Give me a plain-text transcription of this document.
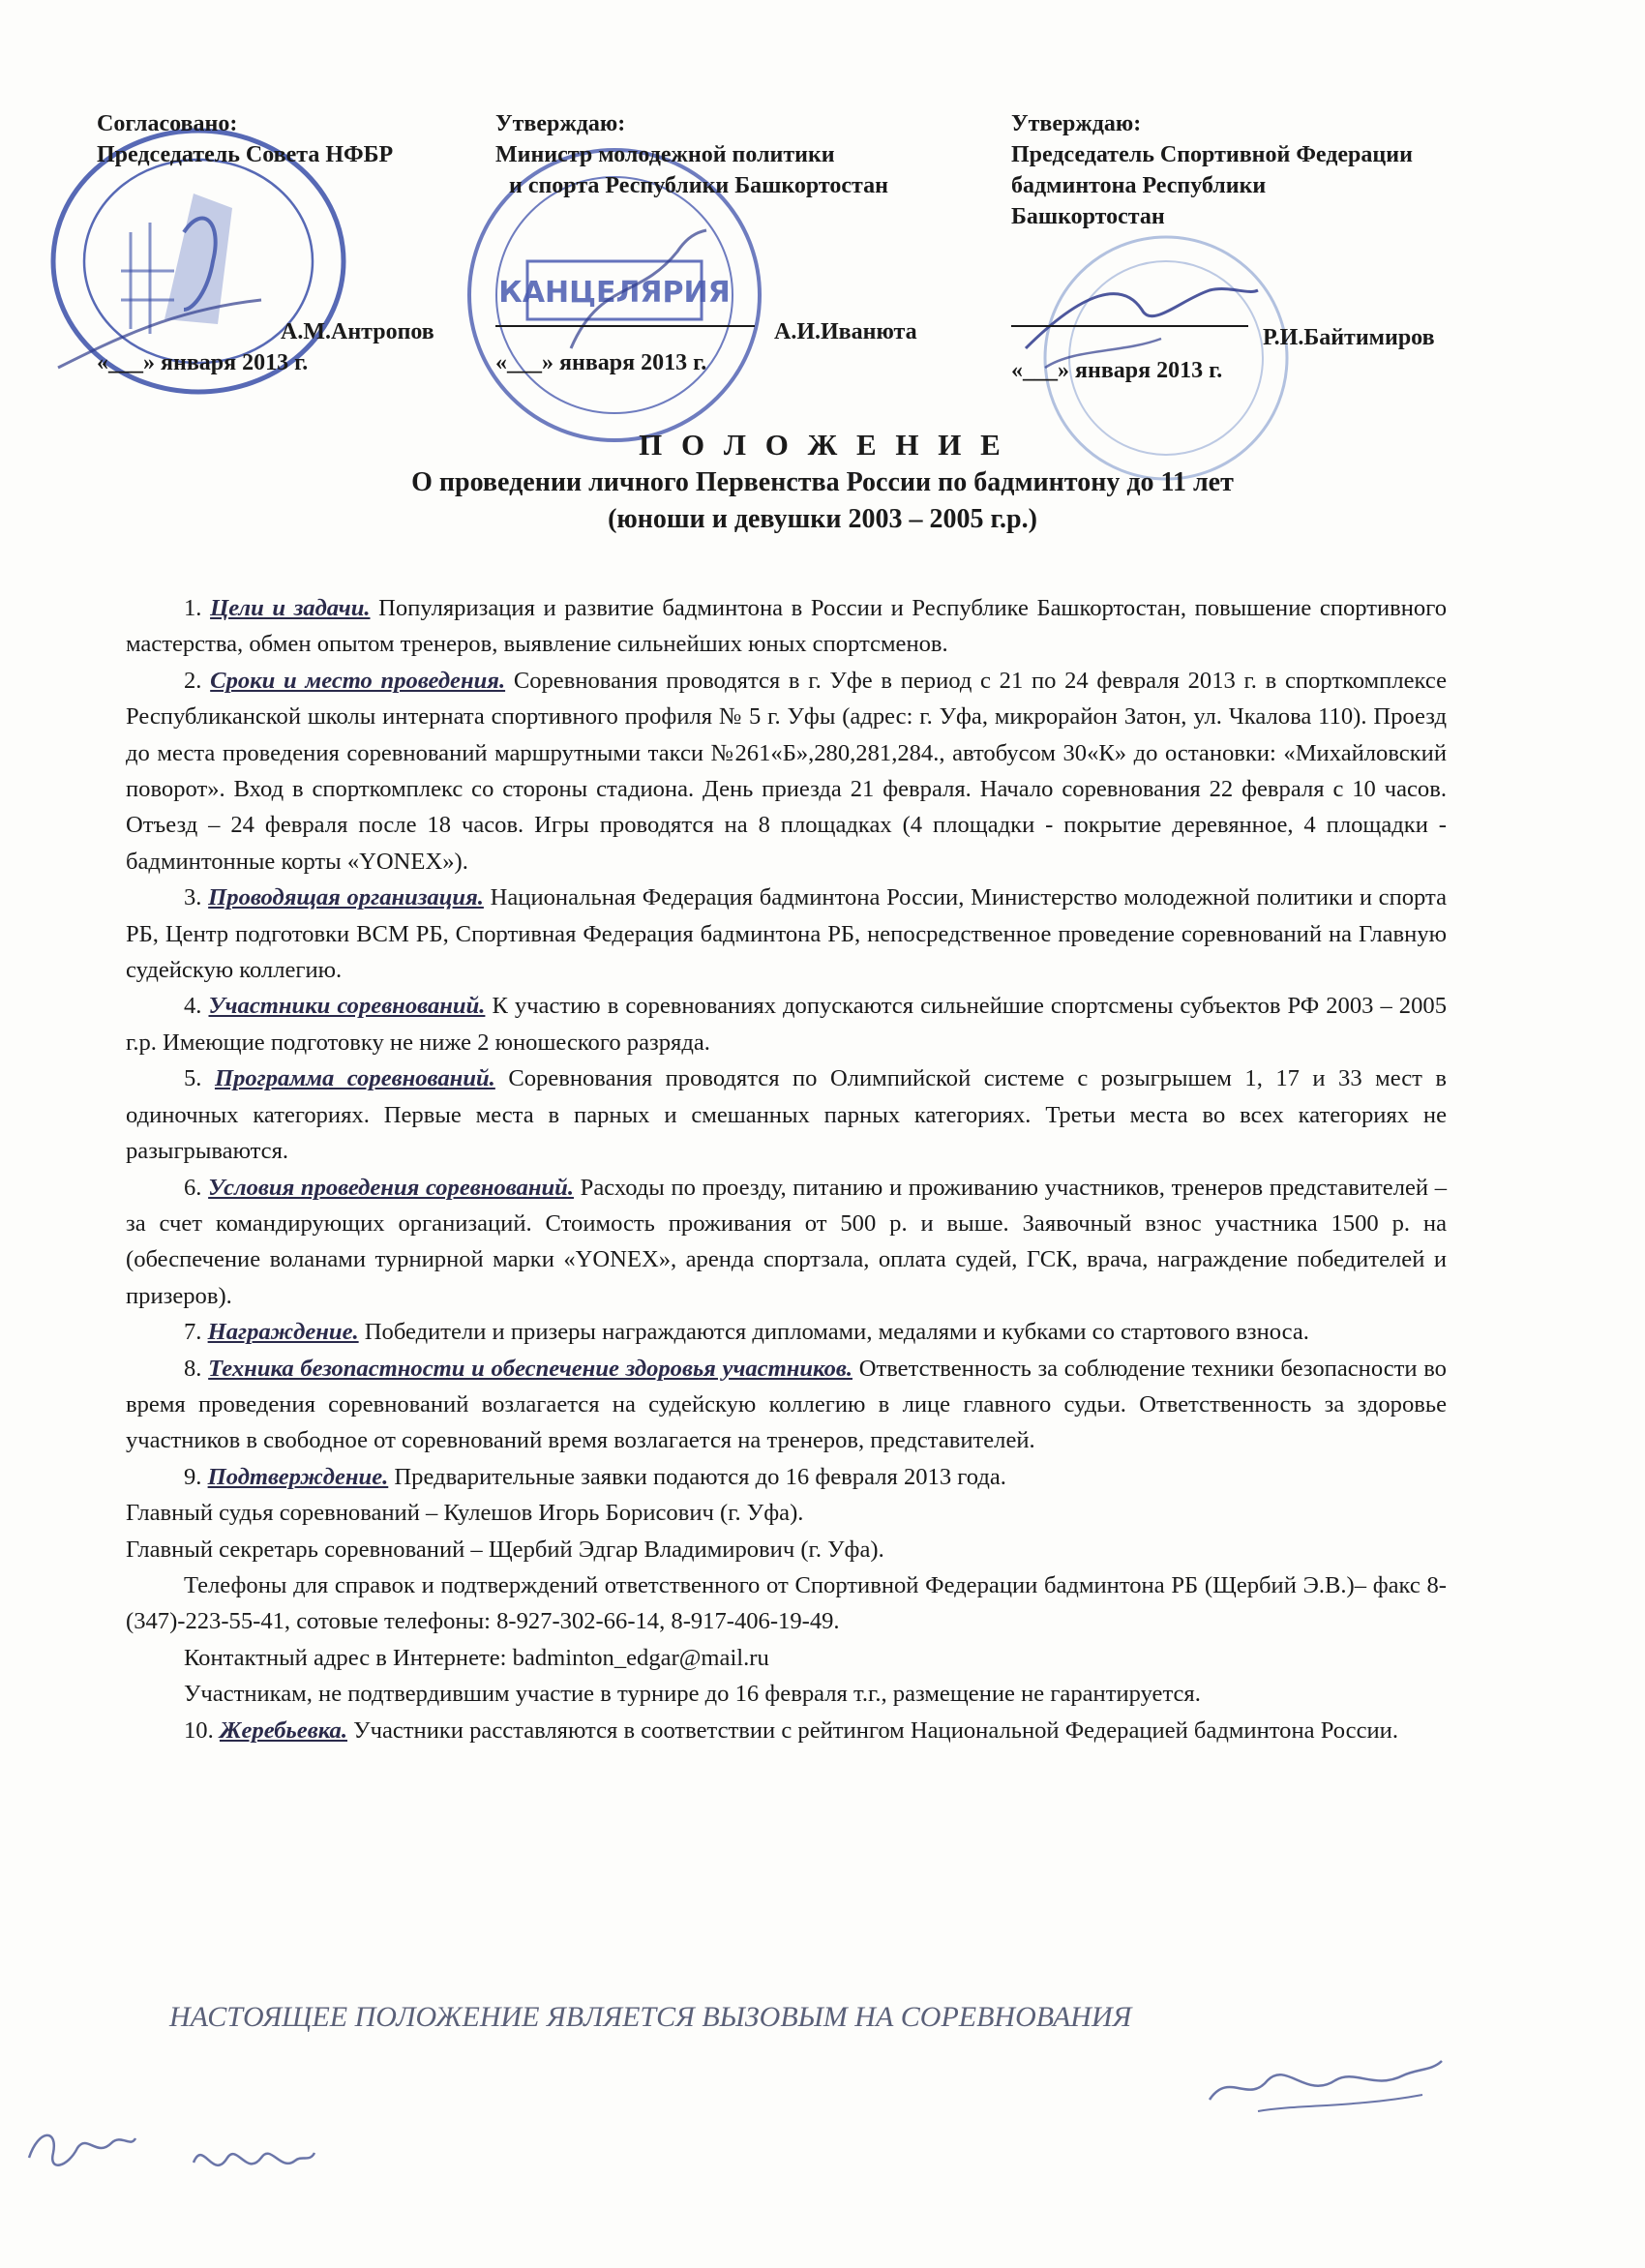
КАНЦЕЛЯРИЯ
Согласовано:
Председатель Совета НФБР
А.М.Антропов
«___» января 2013 г.
Утверждаю:
Министр молодежной политики
и спорта Республики Башкортостан
А.И.Иванюта
«___» января 2013 г.
Утверждаю:
Председатель Спортивной Федерации
бадминтона Республики
Башкортостан
Р.И.Байтимиров
«___» января 2013 г.
П О Л О Ж Е Н И Е
О проведении личного Первенства России по бадминтону до 11 лет
(юноши и девушки 2003 – 2005 г.р.)

1. Цели и задачи. Популяризация и развитие бадминтона в России и Республике Башкортостан, повышение спортивного мастерства, обмен опытом тренеров, выявление сильнейших юных спортсменов.

2. Сроки и место проведения. Соревнования проводятся в г. Уфе в период с 21 по 24 февраля 2013 г. в спорткомплексе Республиканской школы интерната спортивного профиля № 5 г. Уфы (адрес: г. Уфа, микрорайон Затон, ул. Чкалова 110). Проезд до места проведения соревнований маршрутными такси №261«Б»,280,281,284., автобусом 30«К» до остановки: «Михайловский поворот». Вход в спорткомплекс со стороны стадиона. День приезда 21 февраля. Начало соревнования 22 февраля с 10 часов. Отъезд – 24 февраля после 18 часов. Игры проводятся на 8 площадках (4 площадки - покрытие деревянное, 4 площадки - бадминтонные корты «YONEX»).

3. Проводящая организация. Национальная Федерация бадминтона России, Министерство молодежной политики и спорта РБ, Центр подготовки ВСМ РБ, Спортивная Федерация бадминтона РБ, непосредственное проведение соревнований на Главную судейскую коллегию.

4. Участники соревнований. К участию в соревнованиях допускаются сильнейшие спортсмены субъектов РФ 2003 – 2005 г.р. Имеющие подготовку не ниже 2 юношеского разряда.

5. Программа соревнований. Соревнования проводятся по Олимпийской системе с розыгрышем 1, 17 и 33 мест в одиночных категориях. Первые места в парных и смешанных парных категориях. Третьи места во всех категориях не разыгрываются.

6. Условия проведения соревнований. Расходы по проезду, питанию и проживанию участников, тренеров представителей – за счет командирующих организаций. Стоимость проживания от 500 р. и выше. Заявочный взнос участника 1500 р. на (обеспечение воланами турнирной марки «YONEX», аренда спортзала, оплата судей, ГСК, врача, награждение победителей и призеров).

7. Награждение. Победители и призеры награждаются дипломами, медалями и кубками со стартового взноса.

8. Техника безопастности и обеспечение здоровья участников. Ответственность за соблюдение техники безопасности во время проведения соревнований возлагается на судейскую коллегию в лице главного судьи. Ответственность за здоровье участников в свободное от соревнований время возлагается на тренеров, представителей.

9. Подтверждение. Предварительные заявки подаются до 16 февраля 2013 года.

Главный судья соревнований – Кулешов Игорь Борисович (г. Уфа).

Главный секретарь соревнований – Щербий Эдгар Владимирович (г. Уфа).

Телефоны для справок и подтверждений ответственного от Спортивной Федерации бадминтона РБ (Щербий Э.В.)– факс 8-(347)-223-55-41, сотовые телефоны: 8-927-302-66-14, 8-917-406-19-49.

Контактный адрес в Интернете: badminton_edgar@mail.ru

Участникам, не подтвердившим участие в турнире до 16 февраля т.г., размещение не гарантируется.

10. Жеребьевка. Участники расставляются в соответствии с рейтингом Национальной Федерацией бадминтона России.

НАСТОЯЩЕЕ ПОЛОЖЕНИЕ ЯВЛЯЕТСЯ ВЫЗОВЫМ НА СОРЕВНОВАНИЯ
